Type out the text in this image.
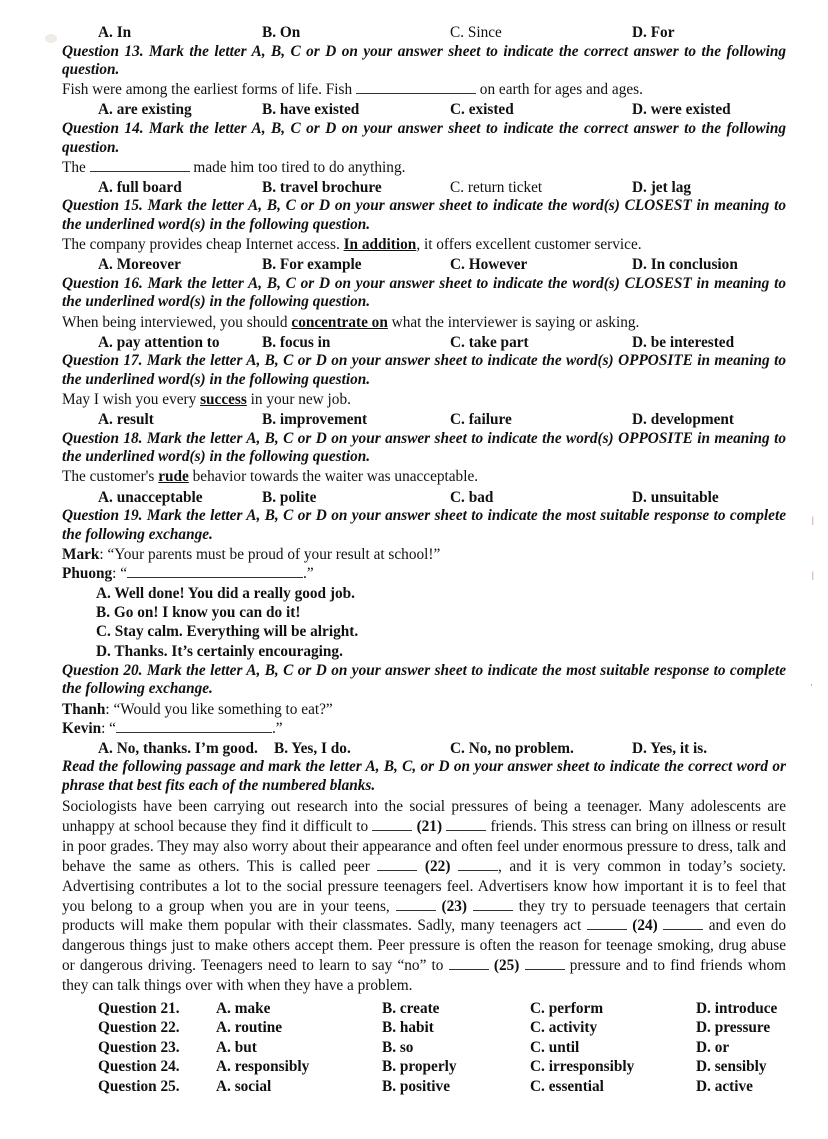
|
|
·
A. In	B. On	C. Since	D. For
Question 13. Mark the letter A, B, C or D on your answer sheet to indicate the correct answer to the following question.
Fish were among the earliest forms of life. Fish	on earth for ages and ages.
A. are existing	B. have existed	C. existed	D. were existed
Question 14. Mark the letter A, B, C or D on your answer sheet to indicate the correct answer to the following question.
The	made him too tired to do anything.
A. full board	B. travel brochure	C. return ticket	D. jet lag
Question 15. Mark the letter A, B, C or D on your answer sheet to indicate the word(s) CLOSEST in meaning to the underlined word(s) in the following question.
The company provides cheap Internet access. In addition, it offers excellent customer service.
A. Moreover	B. For example	C. However	D. In conclusion
Question 16. Mark the letter A, B, C or D on your answer sheet to indicate the word(s) CLOSEST in meaning to the underlined word(s) in the following question.
When being interviewed, you should concentrate on what the interviewer is saying or asking.
A. pay attention to	B. focus in	C. take part	D. be interested
Question 17. Mark the letter A, B, C or D on your answer sheet to indicate the word(s) OPPOSITE in meaning to the underlined word(s) in the following question.
May I wish you every success in your new job.
A. result	B. improvement	C. failure	D. development
Question 18. Mark the letter A, B, C or D on your answer sheet to indicate the word(s) OPPOSITE in meaning to the underlined word(s) in the following question.
The customer's rude behavior towards the waiter was unacceptable.
A. unacceptable	B. polite	C. bad	D. unsuitable
Question 19. Mark the letter A, B, C or D on your answer sheet to indicate the most suitable response to complete the following exchange.
Mark: “Your parents must be proud of your result at school!”
Phuong: “	.”
A. Well done! You did a really good job.
B. Go on! I know you can do it!
C. Stay calm. Everything will be alright.
D. Thanks. It’s certainly encouraging.
Question 20. Mark the letter A, B, C or D on your answer sheet to indicate the most suitable response to complete the following exchange.
Thanh: “Would you like something to eat?”
Kevin: “	.”
A. No, thanks. I’m good. B. Yes, I do.	C. No, no problem.	D. Yes, it is.
Read the following passage and mark the letter A, B, C, or D on your answer sheet to indicate the correct word or phrase that best fits each of the numbered blanks.
Sociologists have been carrying out research into the social pressures of being a teenager. Many adolescents are unhappy at school because they find it difficult to	(21)	friends. This stress can bring on illness or result in poor grades. They may also worry about their appearance and often feel under enormous pressure to dress, talk and behave the same as others. This is called peer	(22)	, and it is very common in today’s society. Advertising contributes a lot to the social pressure teenagers feel. Advertisers know how important it is to feel that you belong to a group when you are in your teens,	(23)	they try to persuade teenagers that certain products will make them popular with their classmates. Sadly, many teenagers act	(24)	and even do dangerous things just to make others accept them. Peer pressure is often the reason for teenage smoking, drug abuse or dangerous driving. Teenagers need to learn to say “no” to	(25)	pressure and to find friends whom they can talk things over with when they have a problem.
Question 21. A. make	B. create	C. perform	D. introduce
Question 22. A. routine	B. habit	C. activity	D. pressure
Question 23. A. but	B. so	C. until	D. or
Question 24. A. responsibly	B. properly	C. irresponsibly	D. sensibly
Question 25. A. social	B. positive	C. essential	D. active
